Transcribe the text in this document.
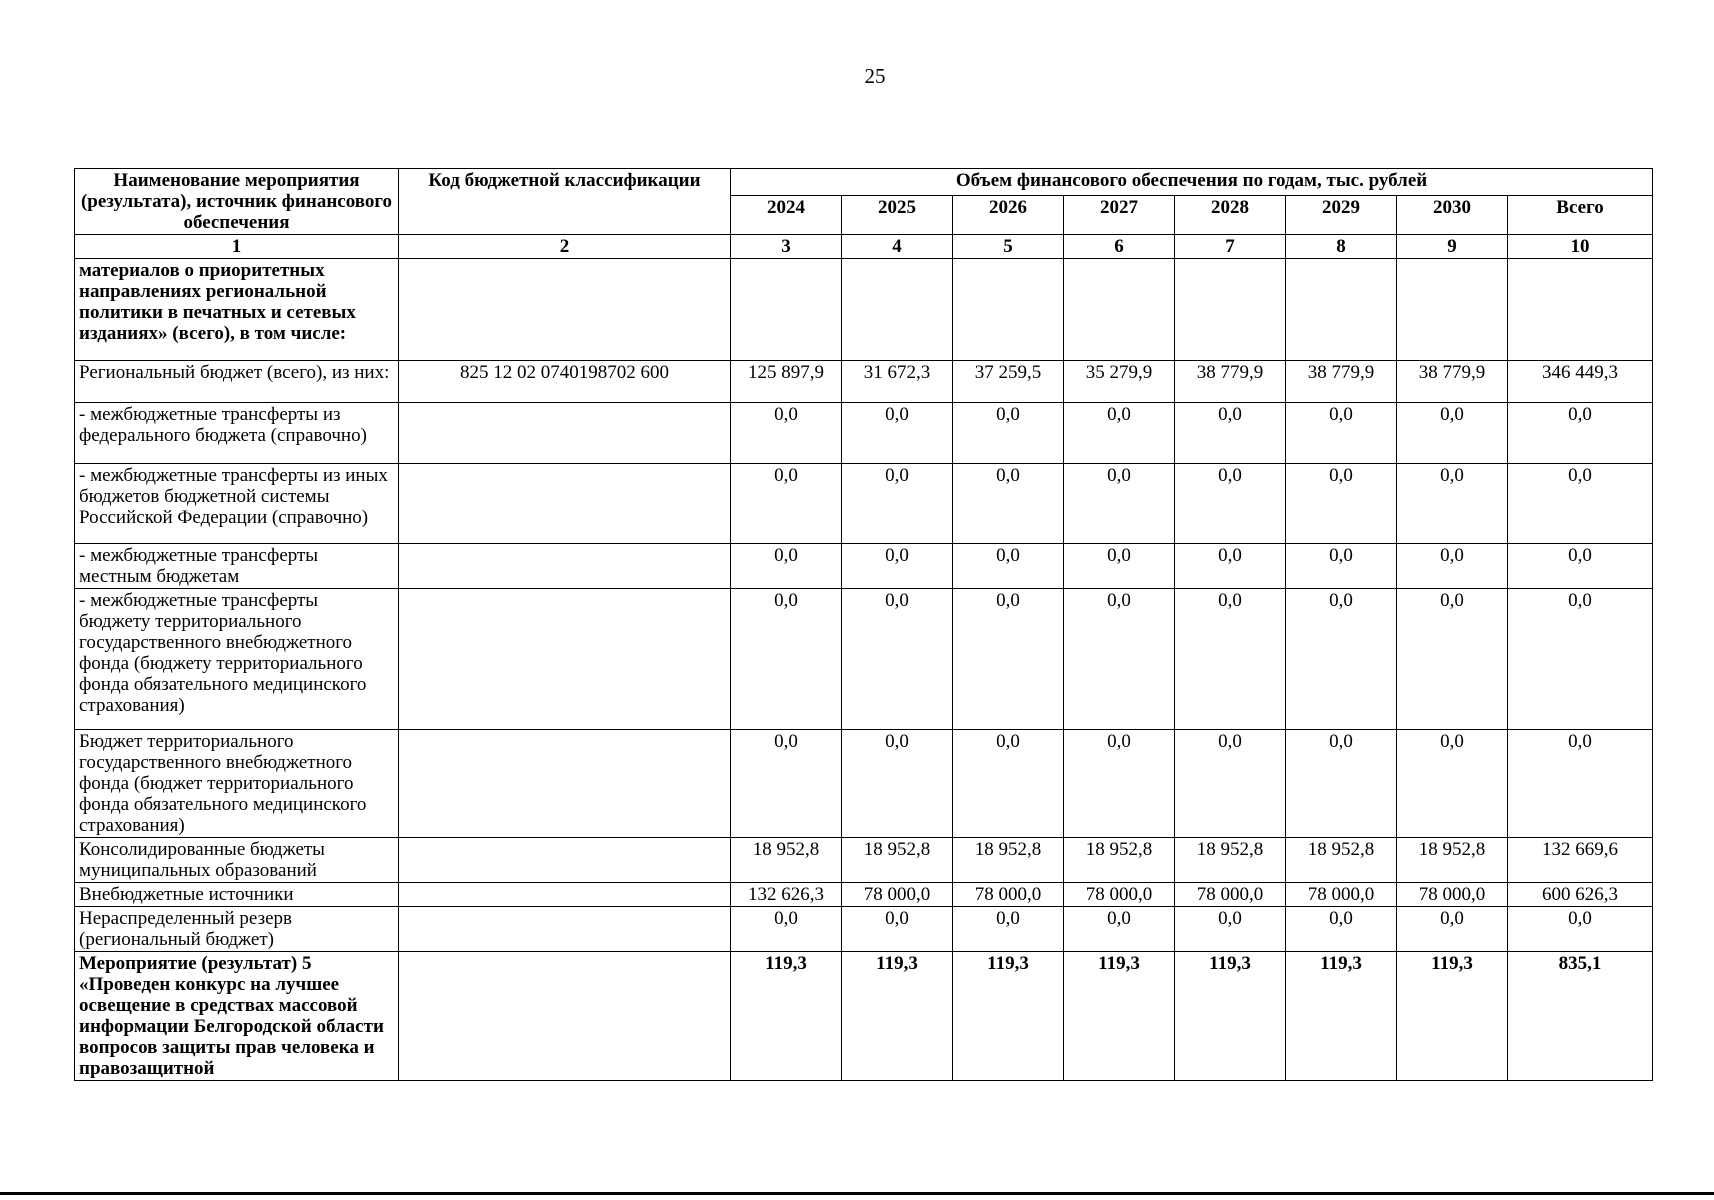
25
Наименование мероприятия (результата), источник финансового обеспечения	Код бюджетной классификации	Объем финансового обеспечения по годам, тыс. рублей							
		2024	2025	2026	2027	2028	2029	2030	Всего
1	2	3	4	5	6	7	8	9	10
материалов о приоритетных направлениях региональной политики в печатных и сетевых изданиях» (всего), в том числе:									
Региональный бюджет (всего), из них:	825 12 02 0740198702 600	125 897,9	31 672,3	37 259,5	35 279,9	38 779,9	38 779,9	38 779,9	346 449,3
- межбюджетные трансферты из федерального бюджета (справочно)		0,0	0,0	0,0	0,0	0,0	0,0	0,0	0,0
- межбюджетные трансферты из иных бюджетов бюджетной системы Российской Федерации (справочно)		0,0	0,0	0,0	0,0	0,0	0,0	0,0	0,0
- межбюджетные трансферты местным бюджетам		0,0	0,0	0,0	0,0	0,0	0,0	0,0	0,0
- межбюджетные трансферты бюджету территориального государственного внебюджетного фонда (бюджету территориального фонда обязательного медицинского страхования)		0,0	0,0	0,0	0,0	0,0	0,0	0,0	0,0
Бюджет территориального государственного внебюджетного фонда (бюджет территориального фонда обязательного медицинского страхования)		0,0	0,0	0,0	0,0	0,0	0,0	0,0	0,0
Консолидированные бюджеты муниципальных образований		18 952,8	18 952,8	18 952,8	18 952,8	18 952,8	18 952,8	18 952,8	132 669,6
Внебюджетные источники		132 626,3	78 000,0	78 000,0	78 000,0	78 000,0	78 000,0	78 000,0	600 626,3
Нераспределенный резерв (региональный бюджет)		0,0	0,0	0,0	0,0	0,0	0,0	0,0	0,0
Мероприятие (результат) 5 «Проведен конкурс на лучшее освещение в средствах массовой информации Белгородской области вопросов защиты прав человека и правозащитной		119,3	119,3	119,3	119,3	119,3	119,3	119,3	835,1
